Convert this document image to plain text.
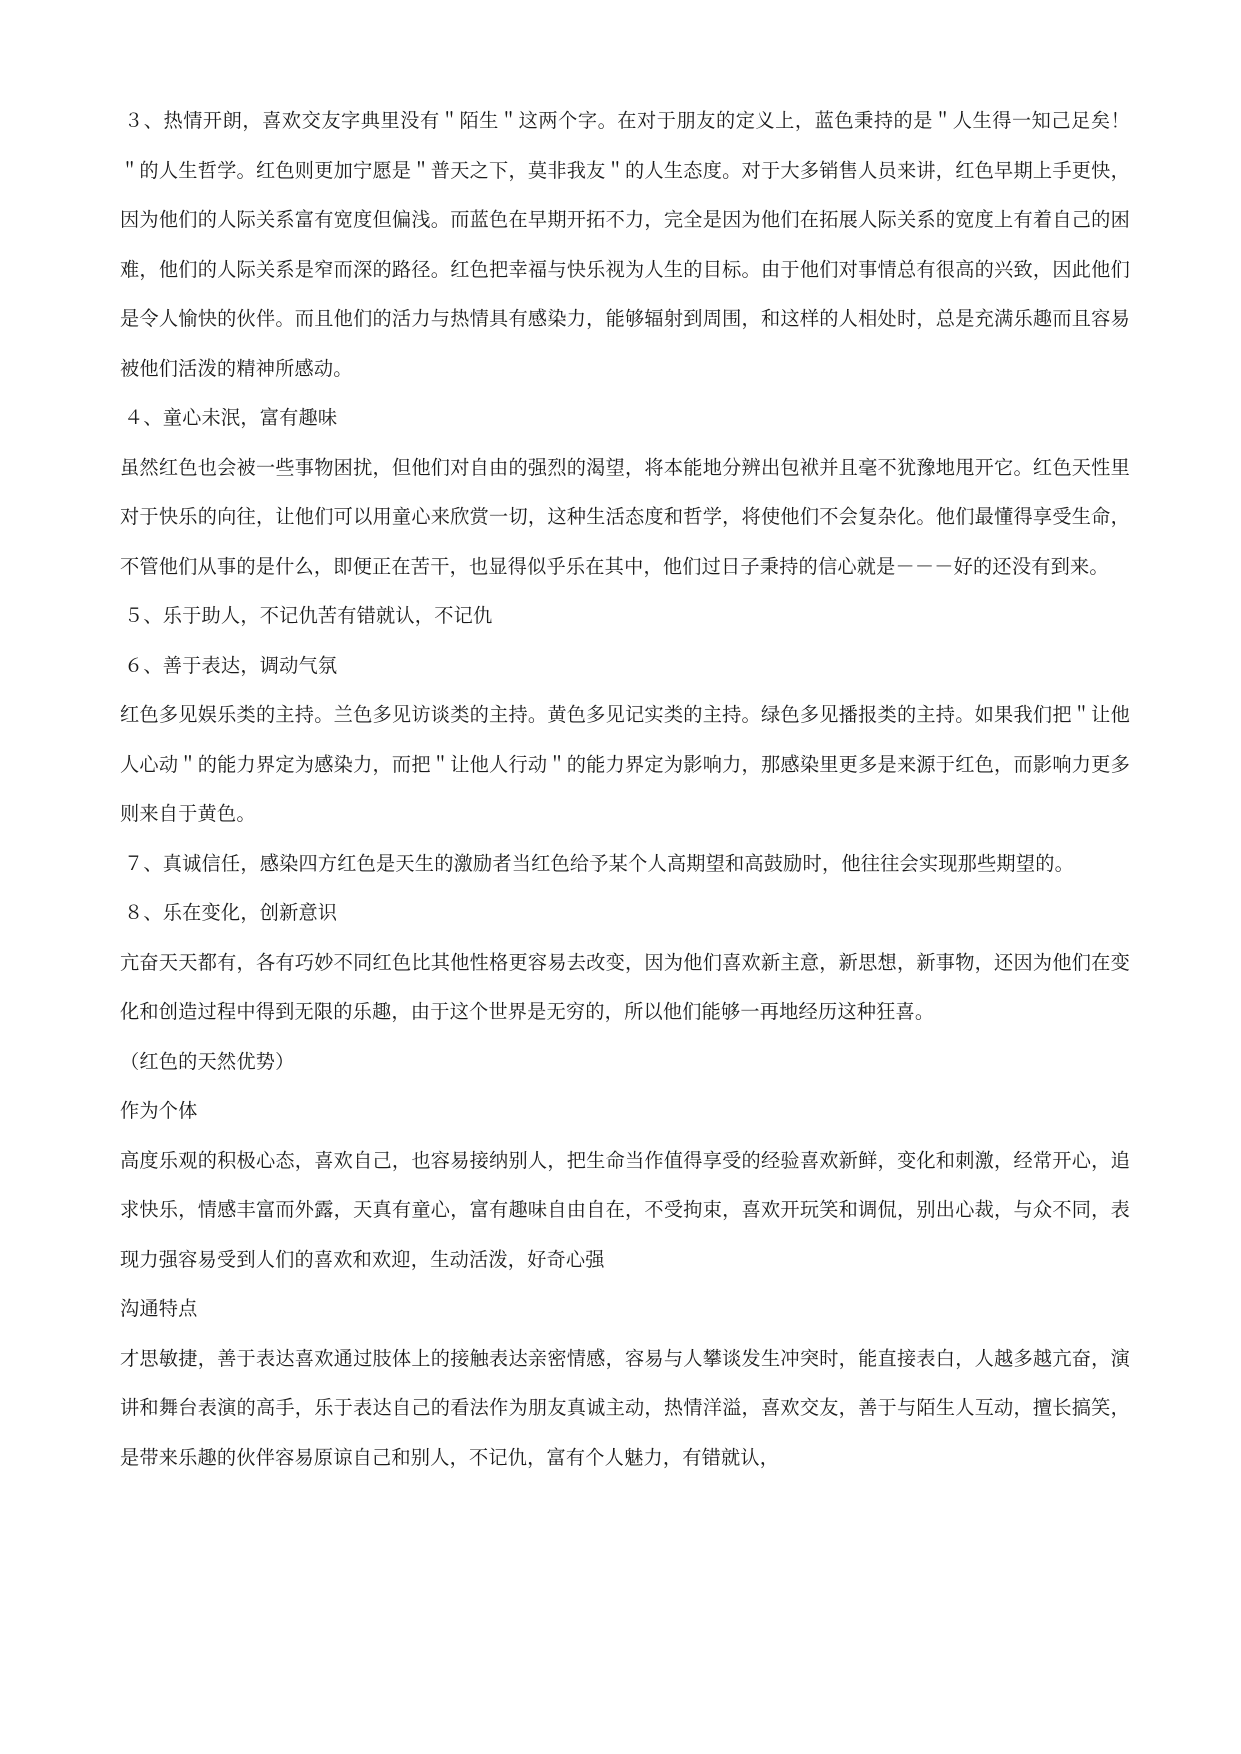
３、热情开朗，喜欢交友字典里没有＂陌生＂这两个字。在对于朋友的定义上，蓝色秉持的是＂人生得一知己足矣！＂的人生哲学。红色则更加宁愿是＂普天之下，莫非我友＂的人生态度。对于大多销售人员来讲，红色早期上手更快，因为他们的人际关系富有宽度但偏浅。而蓝色在早期开拓不力，完全是因为他们在拓展人际关系的宽度上有着自己的困难，他们的人际关系是窄而深的路径。红色把幸福与快乐视为人生的目标。由于他们对事情总有很高的兴致，因此他们是令人愉快的伙伴。而且他们的活力与热情具有感染力，能够辐射到周围，和这样的人相处时，总是充满乐趣而且容易被他们活泼的精神所感动。

４、童心未泯，富有趣味

虽然红色也会被一些事物困扰，但他们对自由的强烈的渴望，将本能地分辨出包袱并且毫不犹豫地甩开它。红色天性里对于快乐的向往，让他们可以用童心来欣赏一切，这种生活态度和哲学，将使他们不会复杂化。他们最懂得享受生命，不管他们从事的是什么，即便正在苦干，也显得似乎乐在其中，他们过日子秉持的信心就是－－－好的还没有到来。

５、乐于助人，不记仇苦有错就认，不记仇

６、善于表达，调动气氛

红色多见娱乐类的主持。兰色多见访谈类的主持。黄色多见记实类的主持。绿色多见播报类的主持。如果我们把＂让他人心动＂的能力界定为感染力，而把＂让他人行动＂的能力界定为影响力，那感染里更多是来源于红色，而影响力更多则来自于黄色。

７、真诚信任，感染四方红色是天生的激励者当红色给予某个人高期望和高鼓励时，他往往会实现那些期望的。

８、乐在变化，创新意识

亢奋天天都有，各有巧妙不同红色比其他性格更容易去改变，因为他们喜欢新主意，新思想，新事物，还因为他们在变化和创造过程中得到无限的乐趣，由于这个世界是无穷的，所以他们能够一再地经历这种狂喜。

（红色的天然优势）

作为个体

高度乐观的积极心态，喜欢自己，也容易接纳别人，把生命当作值得享受的经验喜欢新鲜，变化和刺激，经常开心，追求快乐，情感丰富而外露，天真有童心，富有趣味自由自在，不受拘束，喜欢开玩笑和调侃，别出心裁，与众不同，表现力强容易受到人们的喜欢和欢迎，生动活泼，好奇心强

沟通特点

才思敏捷，善于表达喜欢通过肢体上的接触表达亲密情感，容易与人攀谈发生冲突时，能直接表白，人越多越亢奋，演讲和舞台表演的高手，乐于表达自己的看法作为朋友真诚主动，热情洋溢，喜欢交友，善于与陌生人互动，擅长搞笑，是带来乐趣的伙伴容易原谅自己和别人，不记仇，富有个人魅力，有错就认，
